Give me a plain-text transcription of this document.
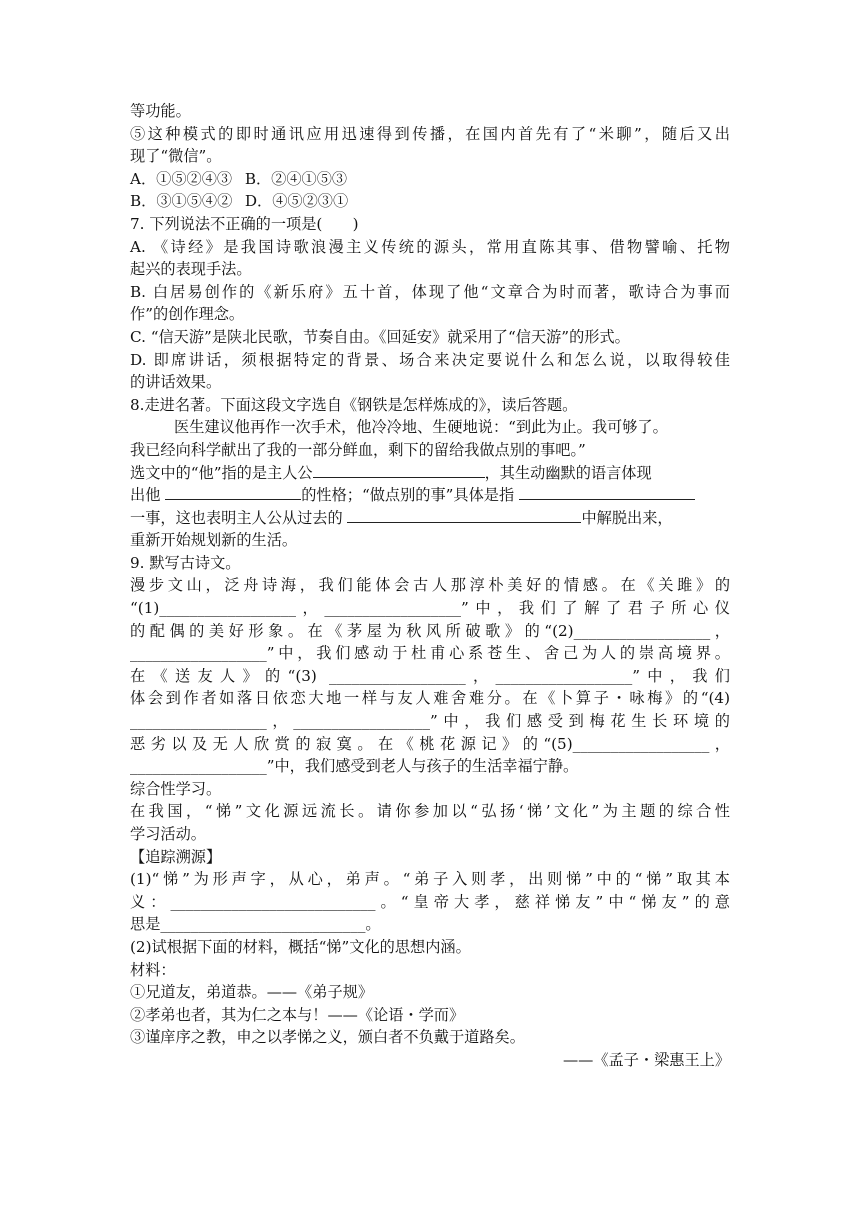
等功能。
⑤这种模式的即时通讯应用迅速得到传播，在国内首先有了“米聊”，随后又出
现了“微信”。
A．①⑤②④③ B．②④①⑤③
B．③①⑤④② D．④⑤②③①
7. 下列说法不正确的一项是(　　)
A. 《诗经》是我国诗歌浪漫主义传统的源头，常用直陈其事、借物譬喻、托物
起兴的表现手法。
B. 白居易创作的《新乐府》五十首，体现了他“文章合为时而著，歌诗合为事而
作”的创作理念。
C. “信天游”是陕北民歌，节奏自由。《回延安》就采用了“信天游”的形式。
D. 即席讲话，须根据特定的背景、场合来决定要说什么和怎么说，以取得较佳
的讲话效果。
8.走进名著。下面这段文字选自《钢铁是怎样炼成的》，读后答题。
医生建议他再作一次手术，他冷冷地、生硬地说：“到此为止。我可够了。
我已经向科学献出了我的一部分鲜血，剩下的留给我做点别的事吧。”
选文中的“他”指的是主人公	，其生动幽默的语言体现
出他	的性格；“做点别的事”具体是指
一事，这也表明主人公从过去的	中解脱出来，
重新开始规划新的生活。
9. 默写古诗文。
漫步文山，泛舟诗海，我们能体会古人那淳朴美好的情感。在《关雎》的
“(1)__________________，__________________”中，我们了解了君子所心仪
的配偶的美好形象。在《茅屋为秋风所破歌》的“(2)__________________，
__________________”中，我们感动于杜甫心系苍生、舍己为人的崇高境界。
在《送友人》的“(3) __________________，__________________”中，我们
体会到作者如落日依恋大地一样与友人难舍难分。在《卜算子・咏梅》的“(4)
__________________，__________________”中，我们感受到梅花生长环境的
恶劣以及无人欣赏的寂寞。在《桃花源记》的“(5)__________________，
__________________”中，我们感受到老人与孩子的生活幸福宁静。
综合性学习。
在我国，“悌”文化源远流长。请你参加以“弘扬‘悌’文化”为主题的综合性
学习活动。
【追踪溯源】
(1)“悌”为形声字，从心，弟声。“弟子入则孝，出则悌”中的“悌”取其本
义：___________________________。“皇帝大孝，慈祥悌友”中“悌友”的意
思是___________________________。
(2)试根据下面的材料，概括“悌”文化的思想内涵。
材料：
①兄道友，弟道恭。——《弟子规》
②孝弟也者，其为仁之本与！——《论语・学而》
③谨庠序之教，申之以孝悌之义，颁白者不负戴于道路矣。
——《孟子・梁惠王上》
